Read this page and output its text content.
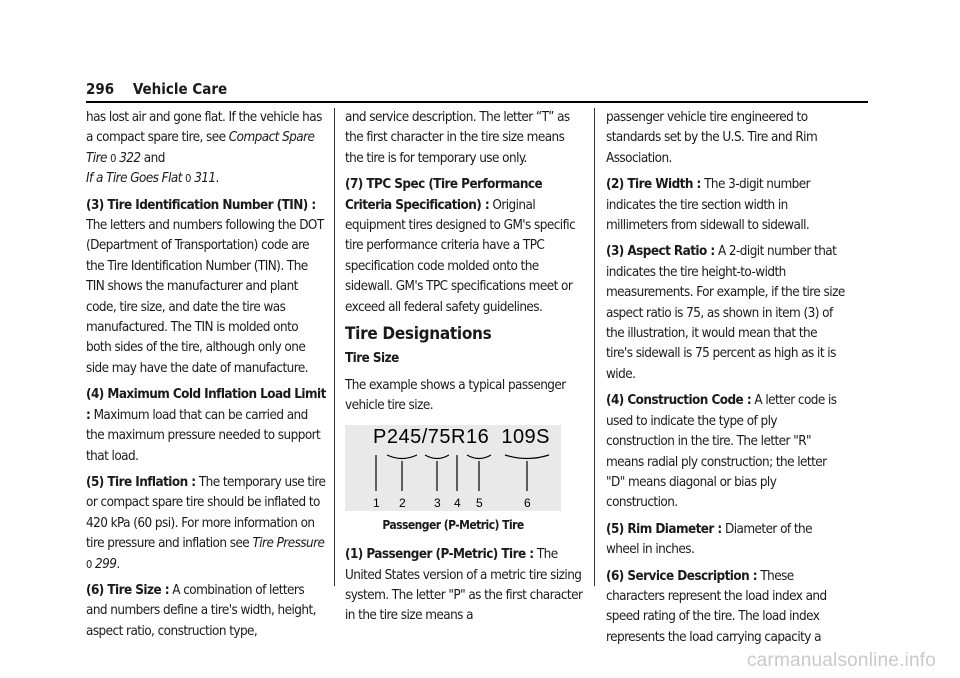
296 Vehicle Care

has lost air and gone flat. If the vehicle has a compact spare tire, see Compact Spare Tire 0 322 and
If a Tire Goes Flat 0 311.

(3) Tire Identification Number (TIN) : The letters and numbers following the DOT (Department of Transportation) code are the Tire Identification Number (TIN). The TIN shows the manufacturer and plant code, tire size, and date the tire was manufactured. The TIN is molded onto both sides of the tire, although only one side may have the date of manufacture.

(4) Maximum Cold Inflation Load Limit : Maximum load that can be carried and the maximum pressure needed to support that load.

(5) Tire Inflation : The temporary use tire or compact spare tire should be inflated to 420 kPa (60 psi). For more information on tire pressure and inflation see Tire Pressure 0 299.

(6) Tire Size : A combination of letters and numbers define a tire's width, height, aspect ratio, construction type,

and service description. The letter “T” as the first character in the tire size means the tire is for temporary use only.

(7) TPC Spec (Tire Performance Criteria Specification) : Original equipment tires designed to GM's specific tire performance criteria have a TPC specification code molded onto the sidewall. GM's TPC specifications meet or exceed all federal safety guidelines.

Tire Designations
Tire Size

The example shows a typical passenger vehicle tire size.

P245/75R16  109S
1 2 3 4 5	6
Passenger (P-Metric) Tire

(1) Passenger (P-Metric) Tire : The United States version of a metric tire sizing system. The letter "P" as the first character in the tire size means a

passenger vehicle tire engineered to standards set by the U.S. Tire and Rim Association.

(2) Tire Width : The 3-digit number indicates the tire section width in millimeters from sidewall to sidewall.

(3) Aspect Ratio : A 2-digit number that indicates the tire height-to-width measurements. For example, if the tire size aspect ratio is 75, as shown in item (3) of the illustration, it would mean that the tire's sidewall is 75 percent as high as it is wide.

(4) Construction Code : A letter code is used to indicate the type of ply construction in the tire. The letter "R" means radial ply construction; the letter "D" means diagonal or bias ply construction.

(5) Rim Diameter : Diameter of the wheel in inches.

(6) Service Description : These characters represent the load index and speed rating of the tire. The load index represents the load carrying capacity a

carmanualsonline.info
